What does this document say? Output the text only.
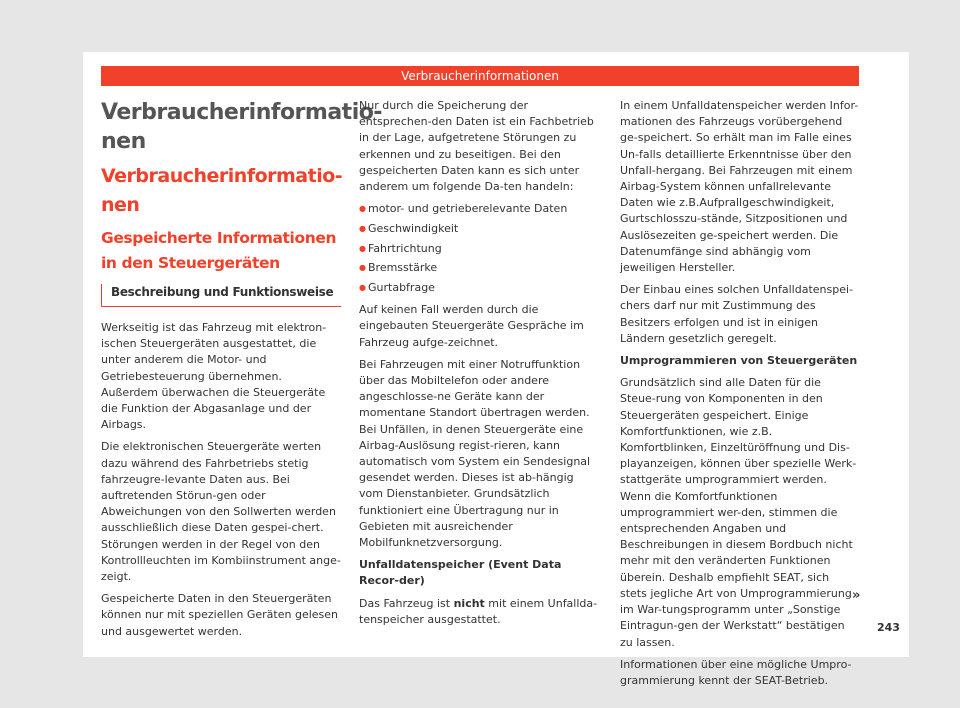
Verbraucherinformationen
Verbraucherinformatio-
nen
Verbraucherinformatio-
nen
Gespeicherte Informationen
in den Steuergeräten
Beschreibung und Funktionsweise

Werkseitig ist das Fahrzeug mit elektron-ischen Steuergeräten ausgestattet, die unter anderem die Motor- und Getriebesteuerung übernehmen. Außerdem überwachen die Steuergeräte die Funktion der Abgasanlage und der Airbags.

Die elektronischen Steuergeräte werten dazu während des Fahrbetriebs stetig fahrzeugre-levante Daten aus. Bei auftretenden Störun-gen oder Abweichungen von den Sollwerten werden ausschließlich diese Daten gespei-chert. Störungen werden in der Regel von den Kontrollleuchten im Kombiinstrument ange-zeigt.

Gespeicherte Daten in den Steuergeräten können nur mit speziellen Geräten gelesen und ausgewertet werden.

Nur durch die Speicherung der entsprechen-den Daten ist ein Fachbetrieb in der Lage, aufgetretene Störungen zu erkennen und zu beseitigen. Bei den gespeicherten Daten kann es sich unter anderem um folgende Da-ten handeln:

● motor- und getrieberelevante Daten
● Geschwindigkeit
● Fahrtrichtung
● Bremsstärke
● Gurtabfrage

Auf keinen Fall werden durch die eingebauten Steuergeräte Gespräche im Fahrzeug aufge-zeichnet.

Bei Fahrzeugen mit einer Notruffunktion über das Mobiltelefon oder andere angeschlosse-ne Geräte kann der momentane Standort übertragen werden. Bei Unfällen, in denen Steuergeräte eine Airbag-Auslösung regist-rieren, kann automatisch vom System ein Sendesignal gesendet werden. Dieses ist ab-hängig vom Dienstanbieter. Grundsätzlich funktioniert eine Übertragung nur in Gebieten mit ausreichender Mobilfunknetzversorgung.

Unfalldatenspeicher (Event Data Recor-der)

Das Fahrzeug ist nicht mit einem Unfallda-tenspeicher ausgestattet.

In einem Unfalldatenspeicher werden Infor-mationen des Fahrzeugs vorübergehend ge-speichert. So erhält man im Falle eines Un-falls detaillierte Erkenntnisse über den Unfall-hergang. Bei Fahrzeugen mit einem Airbag-System können unfallrelevante Daten wie z.B.Aufprallgeschwindigkeit, Gurtschlosszu-stände, Sitzpositionen und Auslösezeiten ge-speichert werden. Die Datenumfänge sind abhängig vom jeweiligen Hersteller.

Der Einbau eines solchen Unfalldatenspei-chers darf nur mit Zustimmung des Besitzers erfolgen und ist in einigen Ländern gesetzlich geregelt.

Umprogrammieren von Steuergeräten

Grundsätzlich sind alle Daten für die Steue-rung von Komponenten in den Steuergeräten gespeichert. Einige Komfortfunktionen, wie z.B. Komfortblinken, Einzeltüröffnung und Dis-playanzeigen, können über spezielle Werk-stattgeräte umprogrammiert werden. Wenn die Komfortfunktionen umprogrammiert wer-den, stimmen die entsprechenden Angaben und Beschreibungen in diesem Bordbuch nicht mehr mit den veränderten Funktionen überein. Deshalb empfiehlt SEAT, sich stets jegliche Art von Umprogrammierung im War-tungsprogramm unter „Sonstige Eintragun-gen der Werkstatt“ bestätigen zu lassen.

Informationen über eine mögliche Umpro-grammierung kennt der SEAT-Betrieb.

»
243
